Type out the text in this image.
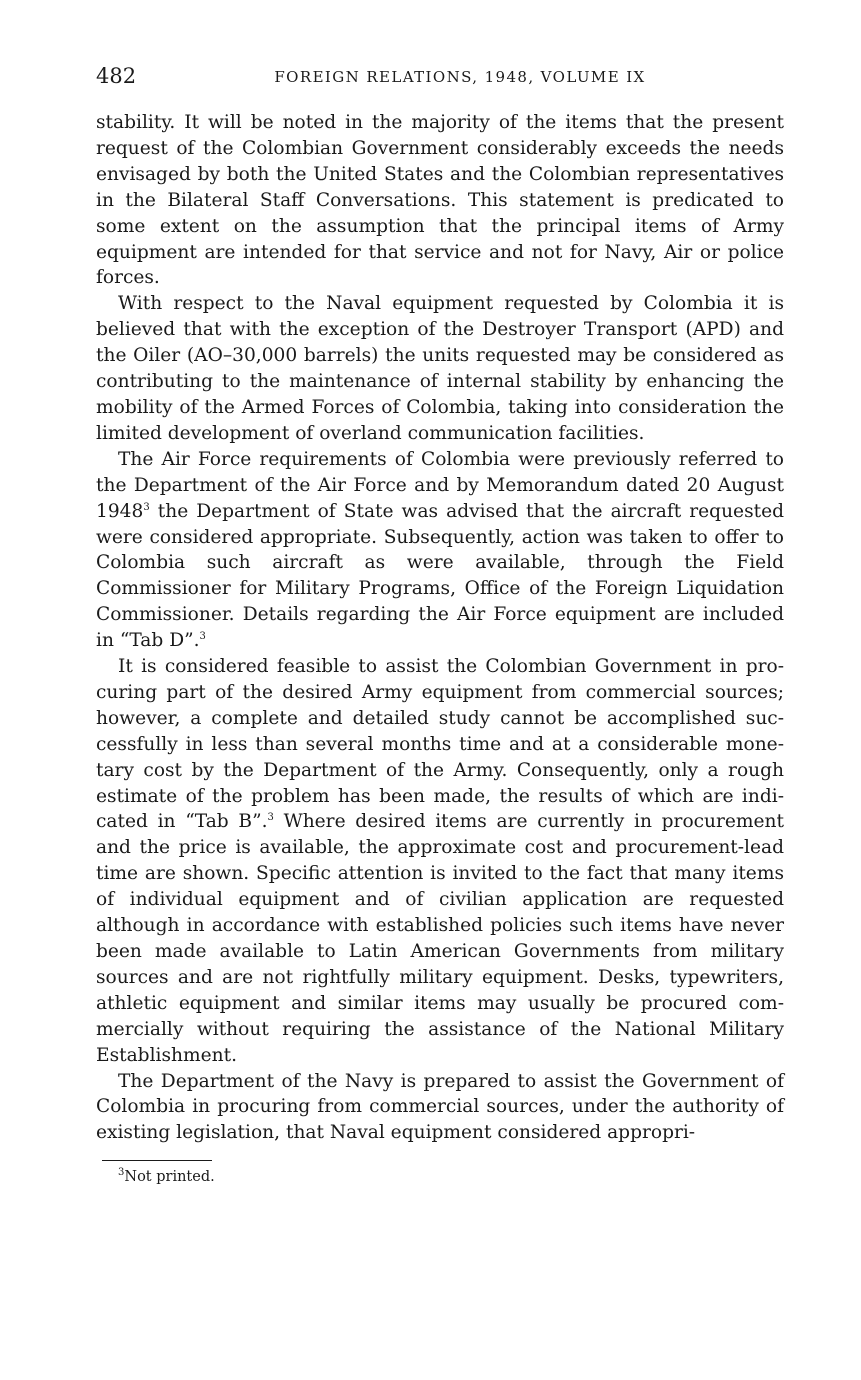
482	FOREIGN RELATIONS, 1948, VOLUME IX

stability. It will be noted in the majority of the items that the present request of the Colombian Government considerably exceeds the needs envisaged by both the United States and the Colombian representatives in the Bilateral Staff Conversations. This statement is predicated to some extent on the assumption that the principal items of Army equipment are intended for that service and not for Navy, Air or police forces.

With respect to the Naval equipment requested by Colombia it is believed that with the exception of the Destroyer Transport (APD) and the Oiler (AO–30,000 barrels) the units requested may be considered as contributing to the maintenance of internal stability by enhancing the mobility of the Armed Forces of Colombia, taking into consideration the limited development of overland communication facilities.

The Air Force requirements of Colombia were previously referred to the Department of the Air Force and by Memorandum dated 20 August 1948$^3$ the Department of State was advised that the aircraft requested were considered appropriate. Subsequently, action was taken to offer to Colombia such aircraft as were available, through the Field Commissioner for Military Programs, Office of the Foreign Liquidation Commissioner. Details regarding the Air Force equipment are included in “Tab D”.$^3$

It is considered feasible to assist the Colombian Government in procuring part of the desired Army equipment from commercial sources; however, a complete and detailed study cannot be accomplished successfully in less than several months time and at a considerable monetary cost by the Department of the Army. Consequently, only a rough estimate of the problem has been made, the results of which are indicated in “Tab B”.$^3$ Where desired items are currently in procurement and the price is available, the approximate cost and procurement-lead time are shown. Specific attention is invited to the fact that many items of individual equipment and of civilian application are requested although in accordance with established policies such items have never been made available to Latin American Governments from military sources and are not rightfully military equipment. Desks, typewriters, athletic equipment and similar items may usually be procured commercially without requiring the assistance of the National Military Establishment.

The Department of the Navy is prepared to assist the Government of Colombia in procuring from commercial sources, under the authority of existing legislation, that Naval equipment considered appropri-

$^3$Not printed.
